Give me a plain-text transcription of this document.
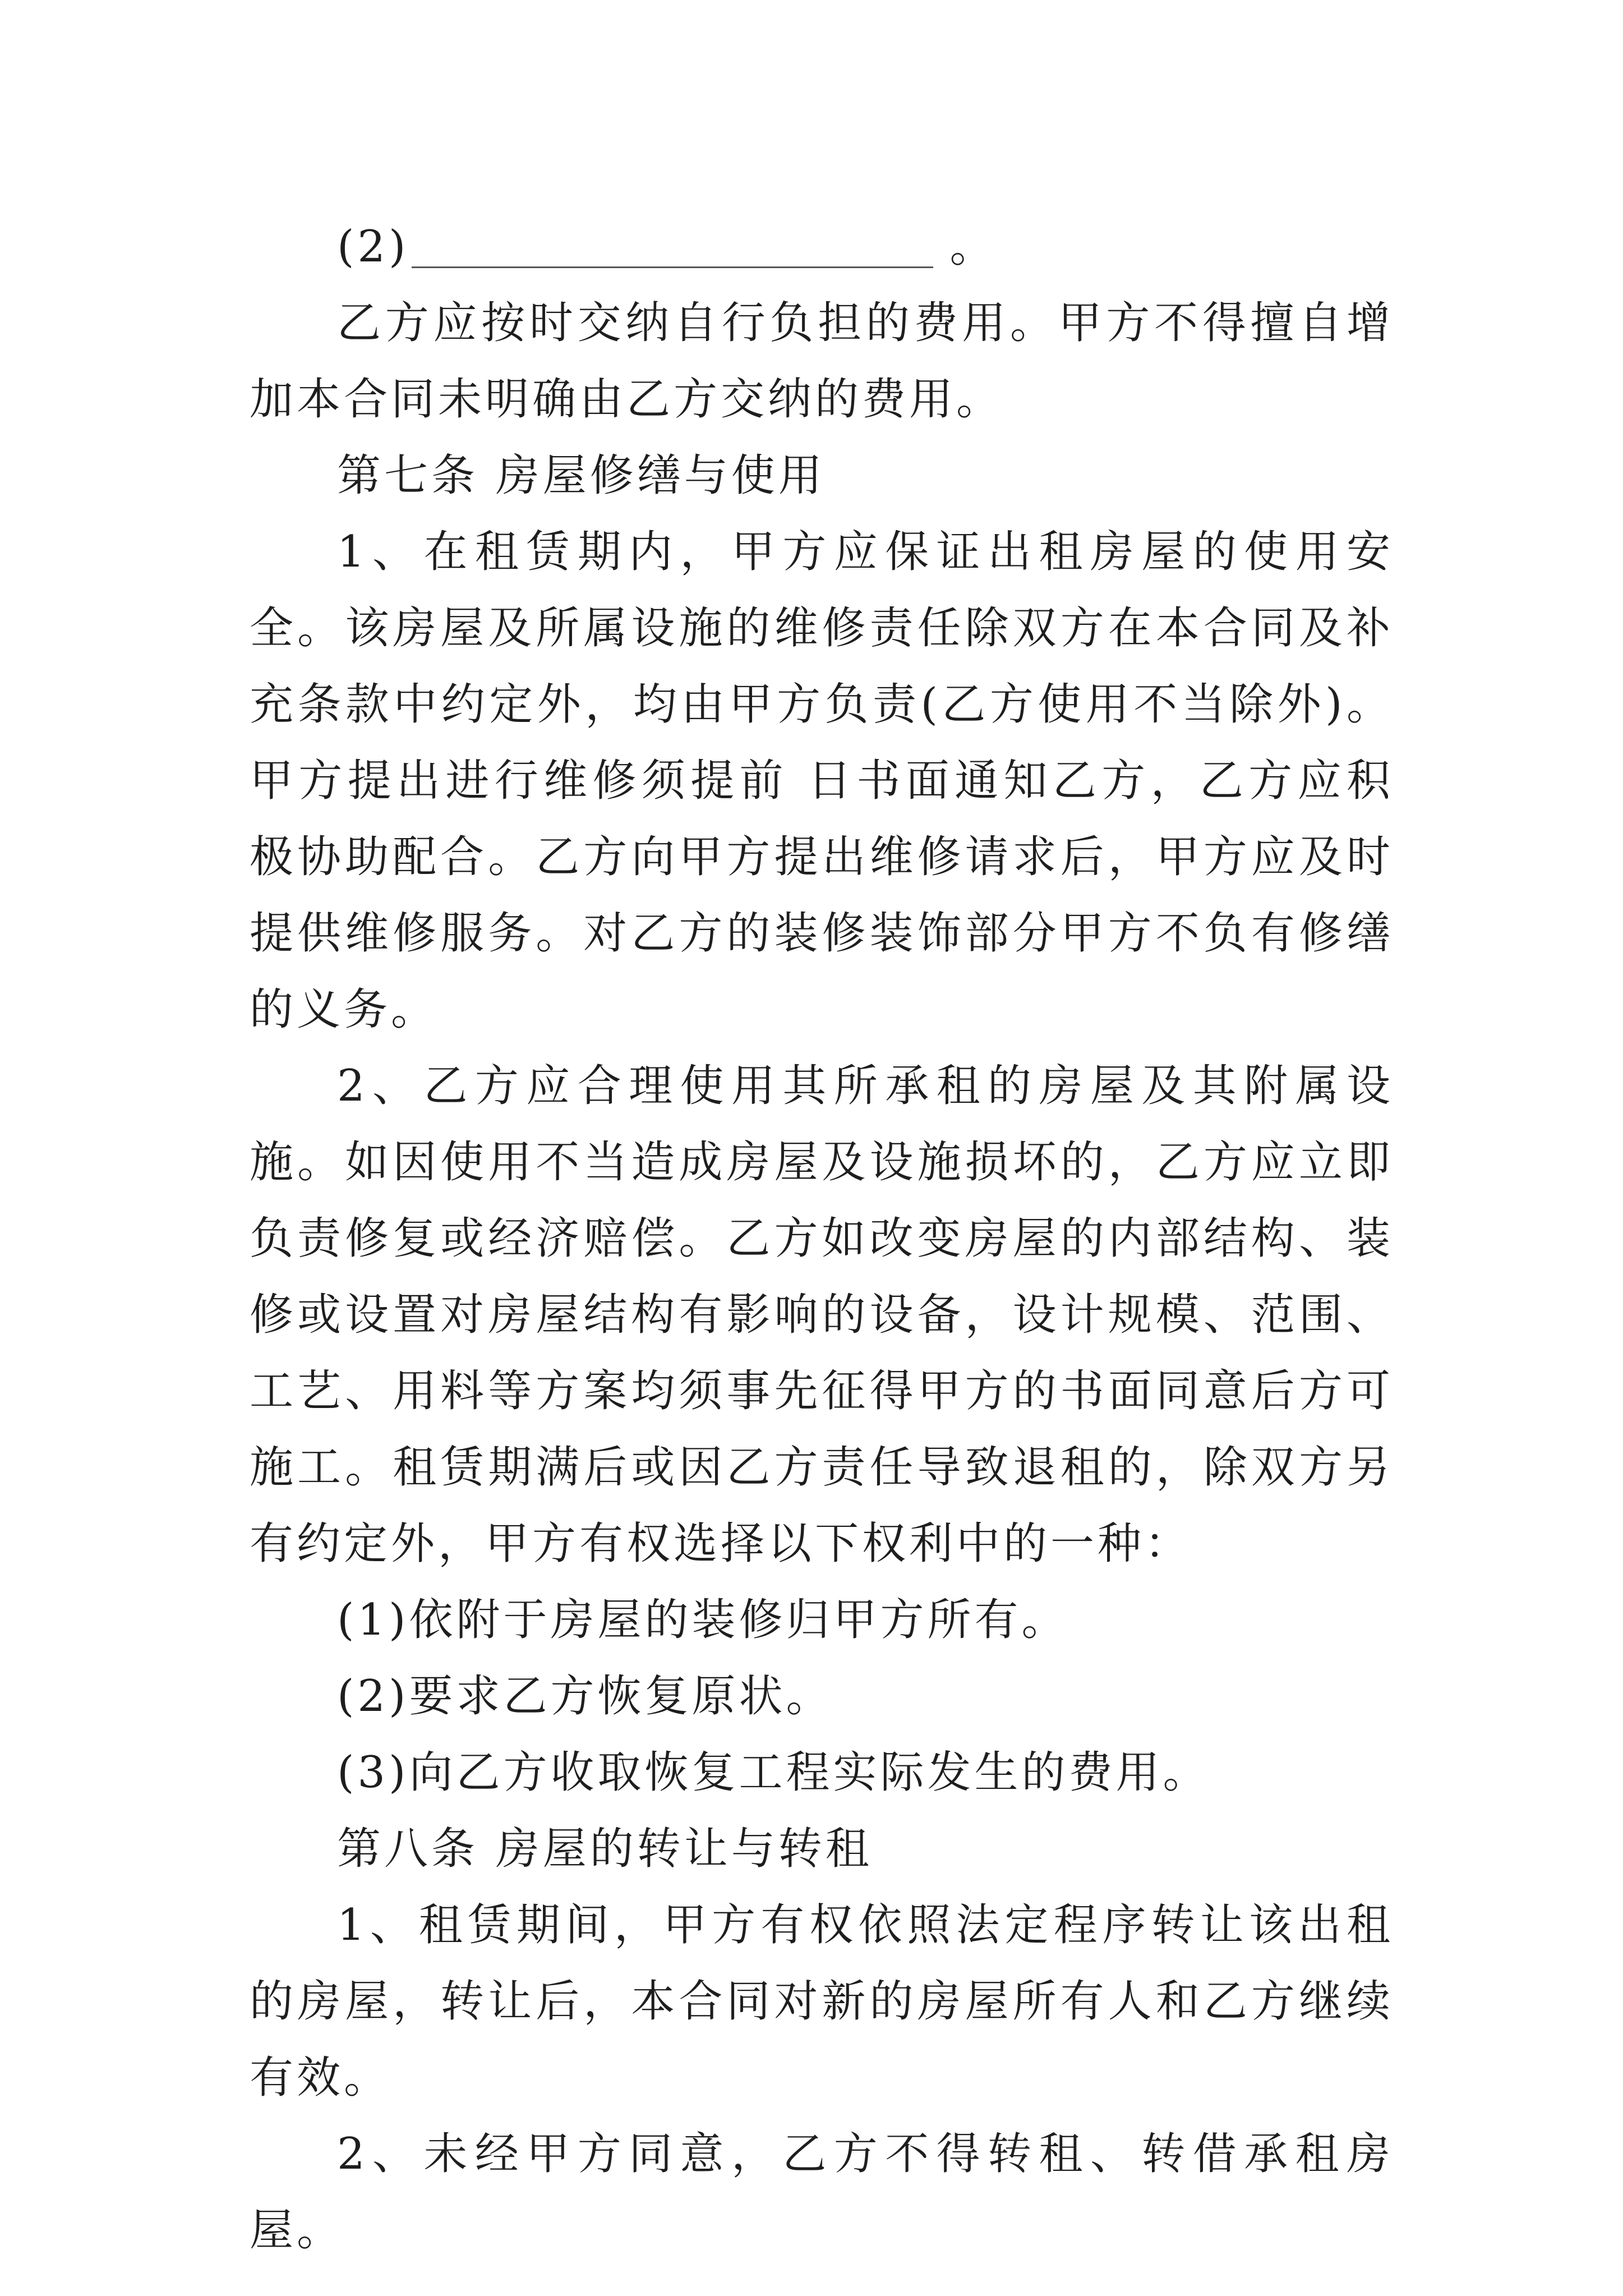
(2)	。

乙方应按时交纳自行负担的费用。甲方不得擅自增加本合同未明确由乙方交纳的费用。

第七条 房屋修缮与使用

1、在租赁期内，甲方应保证出租房屋的使用安全。该房屋及所属设施的维修责任除双方在本合同及补充条款中约定外，均由甲方负责(乙方使用不当除外)。甲方提出进行维修须提前 日书面通知乙方，乙方应积极协助配合。乙方向甲方提出维修请求后，甲方应及时提供维修服务。对乙方的装修装饰部分甲方不负有修缮的义务。

2、乙方应合理使用其所承租的房屋及其附属设施。如因使用不当造成房屋及设施损坏的，乙方应立即负责修复或经济赔偿。乙方如改变房屋的内部结构、装修或设置对房屋结构有影响的设备，设计规模、范围、工艺、用料等方案均须事先征得甲方的书面同意后方可施工。租赁期满后或因乙方责任导致退租的，除双方另有约定外，甲方有权选择以下权利中的一种：

(1)依附于房屋的装修归甲方所有。

(2)要求乙方恢复原状。

(3)向乙方收取恢复工程实际发生的费用。

第八条 房屋的转让与转租

1、租赁期间，甲方有权依照法定程序转让该出租的房屋，转让后，本合同对新的房屋所有人和乙方继续有效。

2、未经甲方同意，乙方不得转租、转借承租房屋。
